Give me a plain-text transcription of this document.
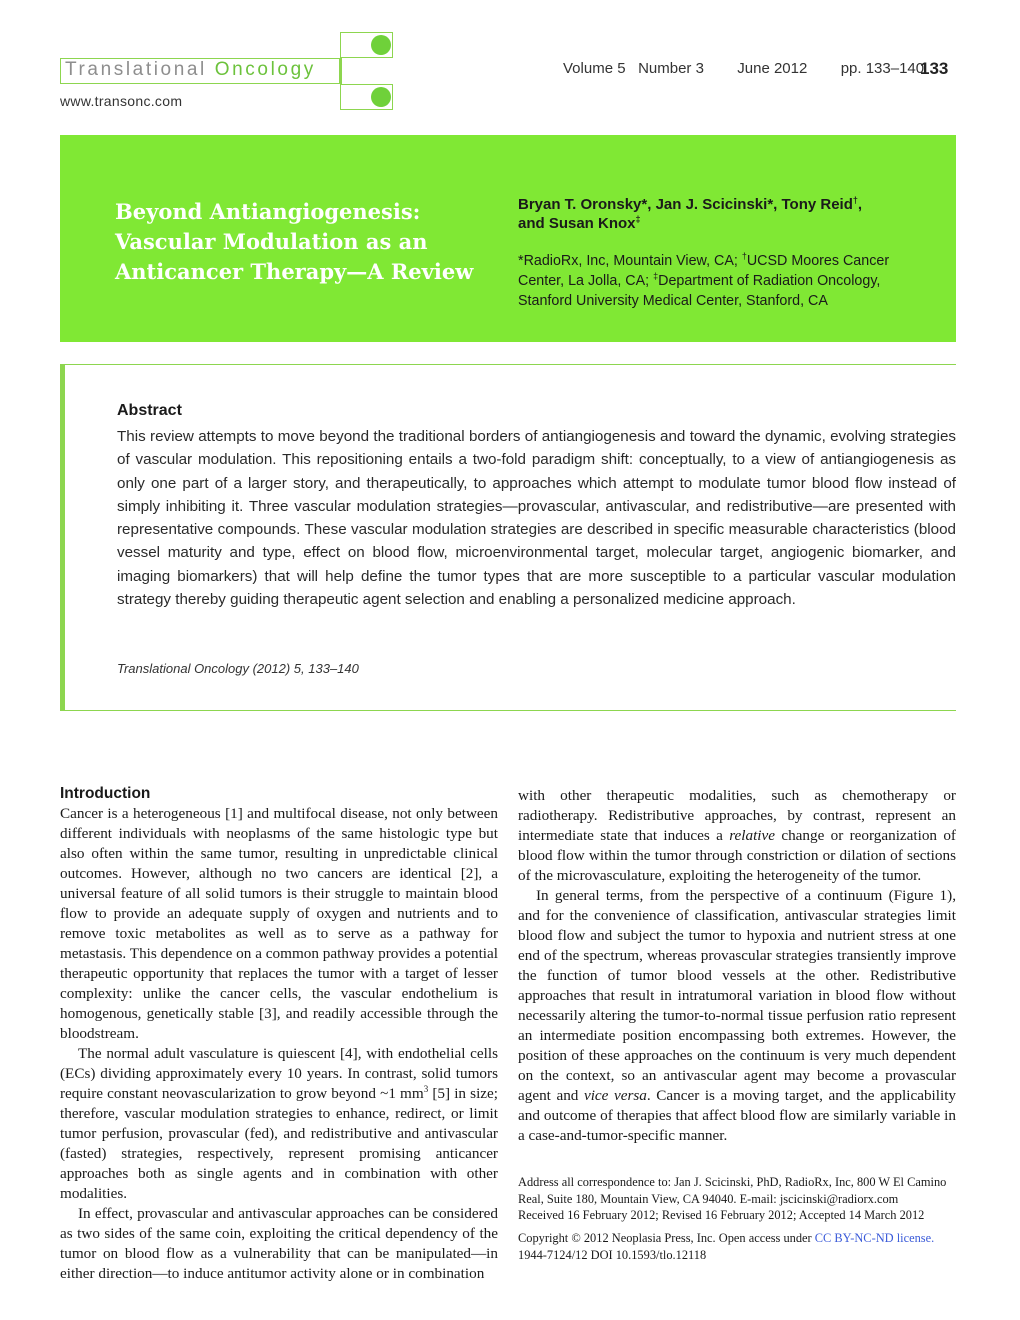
Translational Oncology
www.transonc.com
Volume 5 Number 3 June 2012 pp. 133–140
133
Beyond Antiangiogenesis: Vascular Modulation as an Anticancer Therapy—A Review
Bryan T. Oronsky*, Jan J. Scicinski*, Tony Reid†,
and Susan Knox‡
*RadioRx, Inc, Mountain View, CA; †UCSD Moores Cancer Center, La Jolla, CA; ‡Department of Radiation Oncology, Stanford University Medical Center, Stanford, CA
Abstract

This review attempts to move beyond the traditional borders of antiangiogenesis and toward the dynamic, evolving strategies of vascular modulation. This repositioning entails a two-fold paradigm shift: conceptually, to a view of antiangiogenesis as only one part of a larger story, and therapeutically, to approaches which attempt to modulate tumor blood flow instead of simply inhibiting it. Three vascular modulation strategies—provascular, antivascular, and redistributive—are presented with representative compounds. These vascular modulation strategies are described in specific measurable characteristics (blood vessel maturity and type, effect on blood flow, microenvironmental target, molecular target, angiogenic biomarker, and imaging biomarkers) that will help define the tumor types that are more susceptible to a particular vascular modulation strategy thereby guiding therapeutic agent selection and enabling a personalized medicine approach.

Translational Oncology (2012) 5, 133–140
Introduction

Cancer is a heterogeneous [1] and multifocal disease, not only between different individuals with neoplasms of the same histologic type but also often within the same tumor, resulting in unpredictable clinical outcomes. However, although no two cancers are identical [2], a universal feature of all solid tumors is their struggle to maintain blood flow to provide an adequate supply of oxygen and nutrients and to remove toxic metabolites as well as to serve as a pathway for metastasis. This dependence on a common pathway provides a potential therapeutic opportunity that replaces the tumor with a target of lesser complexity: unlike the cancer cells, the vascular endothelium is homogenous, genetically stable [3], and readily accessible through the bloodstream.

The normal adult vasculature is quiescent [4], with endothelial cells (ECs) dividing approximately every 10 years. In contrast, solid tumors require constant neovascularization to grow beyond ~1 $mm^3$ [5] in size; therefore, vascular modulation strategies to enhance, redirect, or limit tumor perfusion, provascular (fed), and redistributive and antivascular (fasted) strategies, respectively, represent promising anticancer approaches both as single agents and in combination with other modalities.

In effect, provascular and antivascular approaches can be considered as two sides of the same coin, exploiting the critical dependency of the tumor on blood flow as a vulnerability that can be manipulated—in either direction—to induce antitumor activity alone or in combination

with other therapeutic modalities, such as chemotherapy or radiotherapy. Redistributive approaches, by contrast, represent an intermediate state that induces a relative change or reorganization of blood flow within the tumor through constriction or dilation of sections of the microvasculature, exploiting the heterogeneity of the tumor.

In general terms, from the perspective of a continuum (Figure 1), and for the convenience of classification, antivascular strategies limit blood flow and subject the tumor to hypoxia and nutrient stress at one end of the spectrum, whereas provascular strategies transiently improve the function of tumor blood vessels at the other. Redistributive approaches that result in intratumoral variation in blood flow without necessarily altering the tumor-to-normal tissue perfusion ratio represent an intermediate position encompassing both extremes. However, the position of these approaches on the continuum is very much dependent on the context, so an antivascular agent may become a provascular agent and vice versa. Cancer is a moving target, and the applicability and outcome of therapies that affect blood flow are similarly variable in a case-and-tumor-specific manner.

Address all correspondence to: Jan J. Scicinski, PhD, RadioRx, Inc, 800 W El Camino Real, Suite 180, Mountain View, CA 94040. E-mail: jscicinski@radiorx.com

Received 16 February 2012; Revised 16 February 2012; Accepted 14 March 2012

Copyright © 2012 Neoplasia Press, Inc. Open access under CC BY-NC-ND license.
1944-7124/12 DOI 10.1593/tlo.12118
